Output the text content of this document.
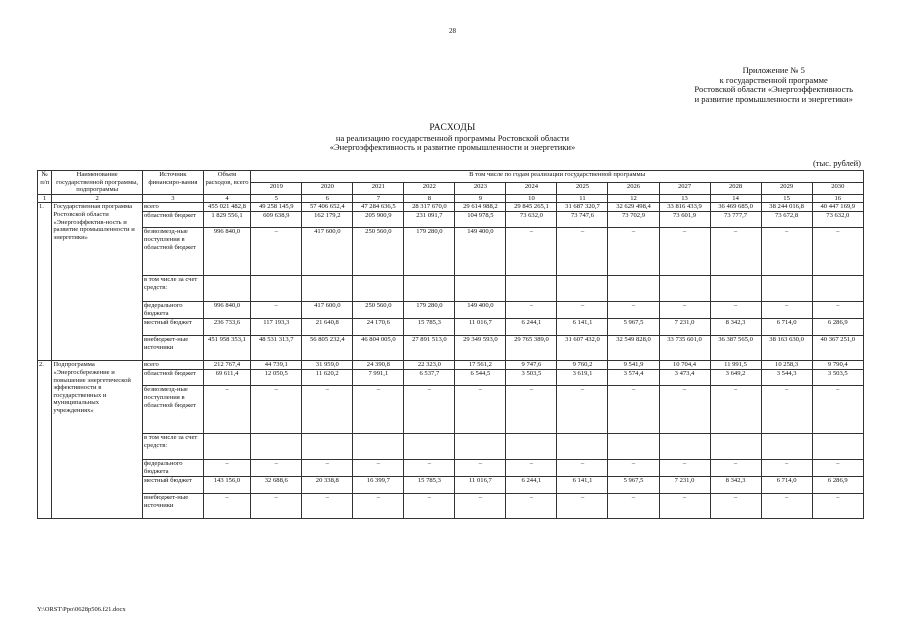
28
Приложение № 5
к государственной программе
Ростовской области «Энергоэффективность
и развитие промышленности и энергетики»
РАСХОДЫ
на реализацию государственной программы Ростовской области
«Энергоэффективность и развитие промышленности и энергетики»
(тыс. рублей)
№ п/п	Наименование государственной программы, подпрограммы	Источник финансиро-вания	Объем расходов, всего	В том числе по годам реализации государственной программы											
				2019	2020	2021	2022	2023	2024	2025	2026	2027	2028	2029	2030
1	2	3	4	5	6	7	8	9	10	11	12	13	14	15	16
1.	Государственная программа Ростовской области «Энергоэффектив-ность и развитие промышленности и энергетики»	всего	455 021 482,8	49 258 145,9	57 406 652,4	47 284 636,5	28 317 670,0	29 614 988,2	29 845 265,1	31 687 320,7	32 629 498,4	33 816 433,9	36 469 685,0	38 244 016,8	40 447 169,9
		областной бюджет	1 829 556,1	609 638,9	162 179,2	205 900,9	231 091,7	104 978,5	73 632,0	73 747,6	73 702,9	73 601,9	73 777,7	73 672,8	73 632,0
		безвозмезд-ные поступления в областной бюджет	996 840,0	–	417 600,0	250 560,0	179 280,0	149 400,0	–	–	–	–	–	–	–
		в том числе за счет средств:													
		федерального бюджета	996 840,0	–	417 600,0	250 560,0	179 280,0	149 400,0	–	–	–	–	–	–	–
		местный бюджет	236 733,6	117 193,3	21 640,8	24 170,6	15 785,3	11 016,7	6 244,1	6 141,1	5 967,5	7 231,0	8 342,3	6 714,0	6 286,9
		внебюджет-ные источники	451 958 353,1	48 531 313,7	56 805 232,4	46 804 005,0	27 891 513,0	29 349 593,0	29 765 389,0	31 607 432,0	32 549 828,0	33 735 601,0	36 387 565,0	38 163 630,0	40 367 251,0
2.	Подпрограмма «Энергосбережение и повышение энергетической эффективности в государственных и муниципальных учреждениях»	всего	212 767,4	44 739,1	31 959,0	24 390,8	22 323,0	17 561,2	9 747,6	9 760,2	9 541,9	10 704,4	11 991,5	10 258,3	9 790,4
		областной бюджет	69 611,4	12 050,5	11 620,2	7 991,1	6 537,7	6 544,5	3 503,5	3 619,1	3 574,4	3 473,4	3 649,2	3 544,3	3 503,5
		безвозмезд-ные поступления в областной бюджет	–	–	–	–	–	–	–	–	–	–	–	–	–
		в том числе за счет средств:													
		федерального бюджета	–	–	–	–	–	–	–	–	–	–	–	–	–
		местный бюджет	143 156,0	32 688,6	20 338,8	16 399,7	15 785,3	11 016,7	6 244,1	6 141,1	5 967,5	7 231,0	8 342,3	6 714,0	6 286,9
		внебюджет-ные источники	–	–	–	–	–	–	–	–	–	–	–	–	–
Y:\ORST\Ppo\0628p506.f21.docx
